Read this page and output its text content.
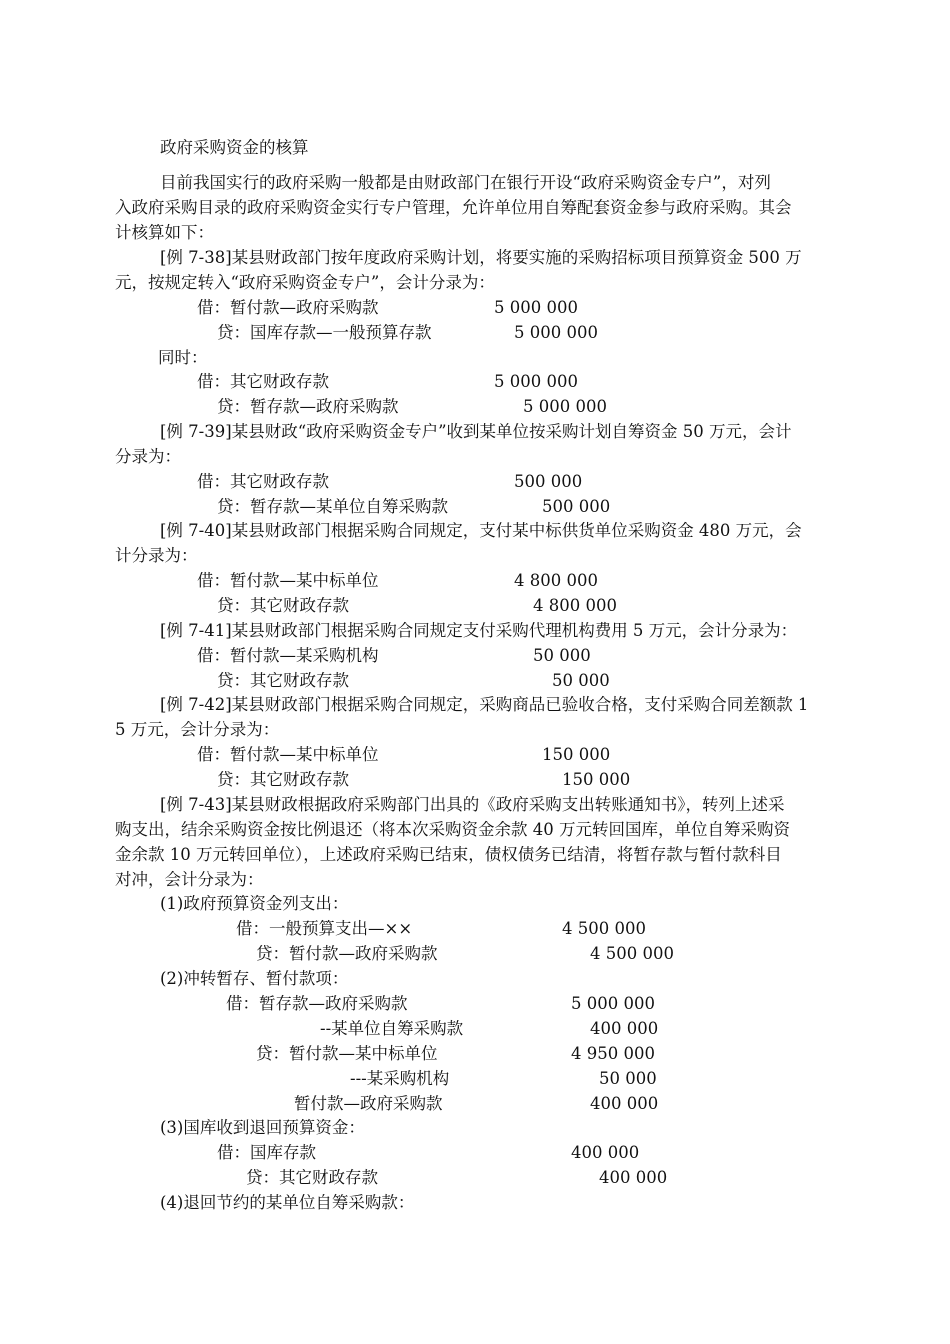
政府采购资金的核算
目前我国实行的政府采购一般都是由财政部门在银行开设“政府采购资金专户”，对列
入政府采购目录的政府采购资金实行专户管理，允许单位用自筹配套资金参与政府采购。其会
计核算如下：
[例 7-38]某县财政部门按年度政府采购计划，将要实施的采购招标项目预算资金 500 万
元，按规定转入“政府采购资金专户”，会计分录为：
借：暂付款—政府采购款	5 000 000
贷：国库存款—一般预算存款	5 000 000
同时：
借：其它财政存款	5 000 000
贷：暂存款—政府采购款	5 000 000
[例 7-39]某县财政“政府采购资金专户”收到某单位按采购计划自筹资金 50 万元，会计
分录为：
借：其它财政存款	500 000
贷：暂存款—某单位自筹采购款	500 000
[例 7-40]某县财政部门根据采购合同规定，支付某中标供货单位采购资金 480 万元，会
计分录为：
借：暂付款—某中标单位	4 800 000
贷：其它财政存款	4 800 000
[例 7-41]某县财政部门根据采购合同规定支付采购代理机构费用 5 万元，会计分录为：
借：暂付款—某采购机构	50 000
贷：其它财政存款	50 000
[例 7-42]某县财政部门根据采购合同规定，采购商品已验收合格，支付采购合同差额款 1
5 万元，会计分录为：
借：暂付款—某中标单位	150 000
贷：其它财政存款	150 000
[例 7-43]某县财政根据政府采购部门出具的《政府采购支出转账通知书》，转列上述采
购支出，结余采购资金按比例退还（将本次采购资金余款 40 万元转回国库，单位自筹采购资
金余款 10 万元转回单位），上述政府采购已结束，债权债务已结清，将暂存款与暂付款科目
对冲，会计分录为：
(1)政府预算资金列支出：
借：一般预算支出—××	4 500 000
贷：暂付款—政府采购款	4 500 000
(2)冲转暂存、暂付款项：
借：暂存款—政府采购款	5 000 000
--某单位自筹采购款	400 000
贷：暂付款—某中标单位	4 950 000
---某采购机构	50 000
暂付款—政府采购款	400 000
(3)国库收到退回预算资金：
借：国库存款	400 000
贷：其它财政存款	400 000
(4)退回节约的某单位自筹采购款：
